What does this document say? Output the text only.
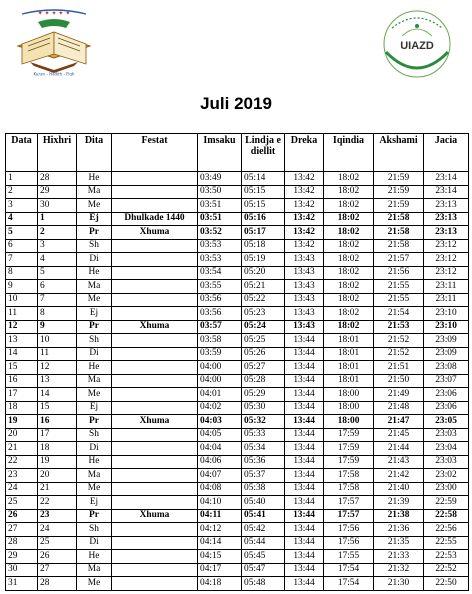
✦ ✦ ✦ ✦ ✦
Kuran - Hadith - Fiqh
UIAZD
Juli 2019
Data	Hixhri	Dita	Festat	Imsaku	Lindja e diellit	Dreka	Iqindia	Akshami	Jacia
1	28	He		03:49	05:14	13:42	18:02	21:59	23:14
2	29	Ma		03:50	05:15	13:42	18:02	21:59	23:14
3	30	Me		03:51	05:15	13:42	18:02	21:59	23:13
4	1	Ej	Dhulkade 1440	03:51	05:16	13:42	18:02	21:58	23:13
5	2	Pr	Xhuma	03:52	05:17	13:42	18:02	21:58	23:13
6	3	Sh		03:53	05:18	13:42	18:02	21:58	23:12
7	4	Di		03:53	05:19	13:43	18:02	21:57	23:12
8	5	He		03:54	05:20	13:43	18:02	21:56	23:12
9	6	Ma		03:55	05:21	13:43	18:02	21:55	23:11
10	7	Me		03:56	05:22	13:43	18:02	21:55	23:11
11	8	Ej		03:56	05:23	13:43	18:02	21:54	23:10
12	9	Pr	Xhuma	03:57	05:24	13:43	18:02	21:53	23:10
13	10	Sh		03:58	05:25	13:44	18:01	21:52	23:09
14	11	Di		03:59	05:26	13:44	18:01	21:52	23:09
15	12	He		04:00	05:27	13:44	18:01	21:51	23:08
16	13	Ma		04:00	05:28	13:44	18:01	21:50	23:07
17	14	Me		04:01	05:29	13:44	18:00	21:49	23:06
18	15	Ej		04:02	05:30	13:44	18:00	21:48	23:06
19	16	Pr	Xhuma	04:03	05:32	13:44	18:00	21:47	23:05
20	17	Sh		04:05	05:33	13:44	17:59	21:45	23:03
21	18	Di		04:04	05:34	13:44	17:59	21:44	23:04
22	19	He		04:06	05:36	13:44	17:59	21:43	23:03
23	20	Ma		04:07	05:37	13:44	17:58	21:42	23:02
24	21	Me		04:08	05:38	13:44	17:58	21:40	23:00
25	22	Ej		04:10	05:40	13:44	17:57	21:39	22:59
26	23	Pr	Xhuma	04:11	05:41	13:44	17:57	21:38	22:58
27	24	Sh		04:12	05:42	13:44	17:56	21:36	22:56
28	25	Di		04:14	05:44	13:44	17:56	21:35	22:55
29	26	He		04:15	05:45	13:44	17:55	21:33	22:53
30	27	Ma		04:17	05:47	13:44	17:54	21:32	22:52
31	28	Me		04:18	05:48	13:44	17:54	21:30	22:50
